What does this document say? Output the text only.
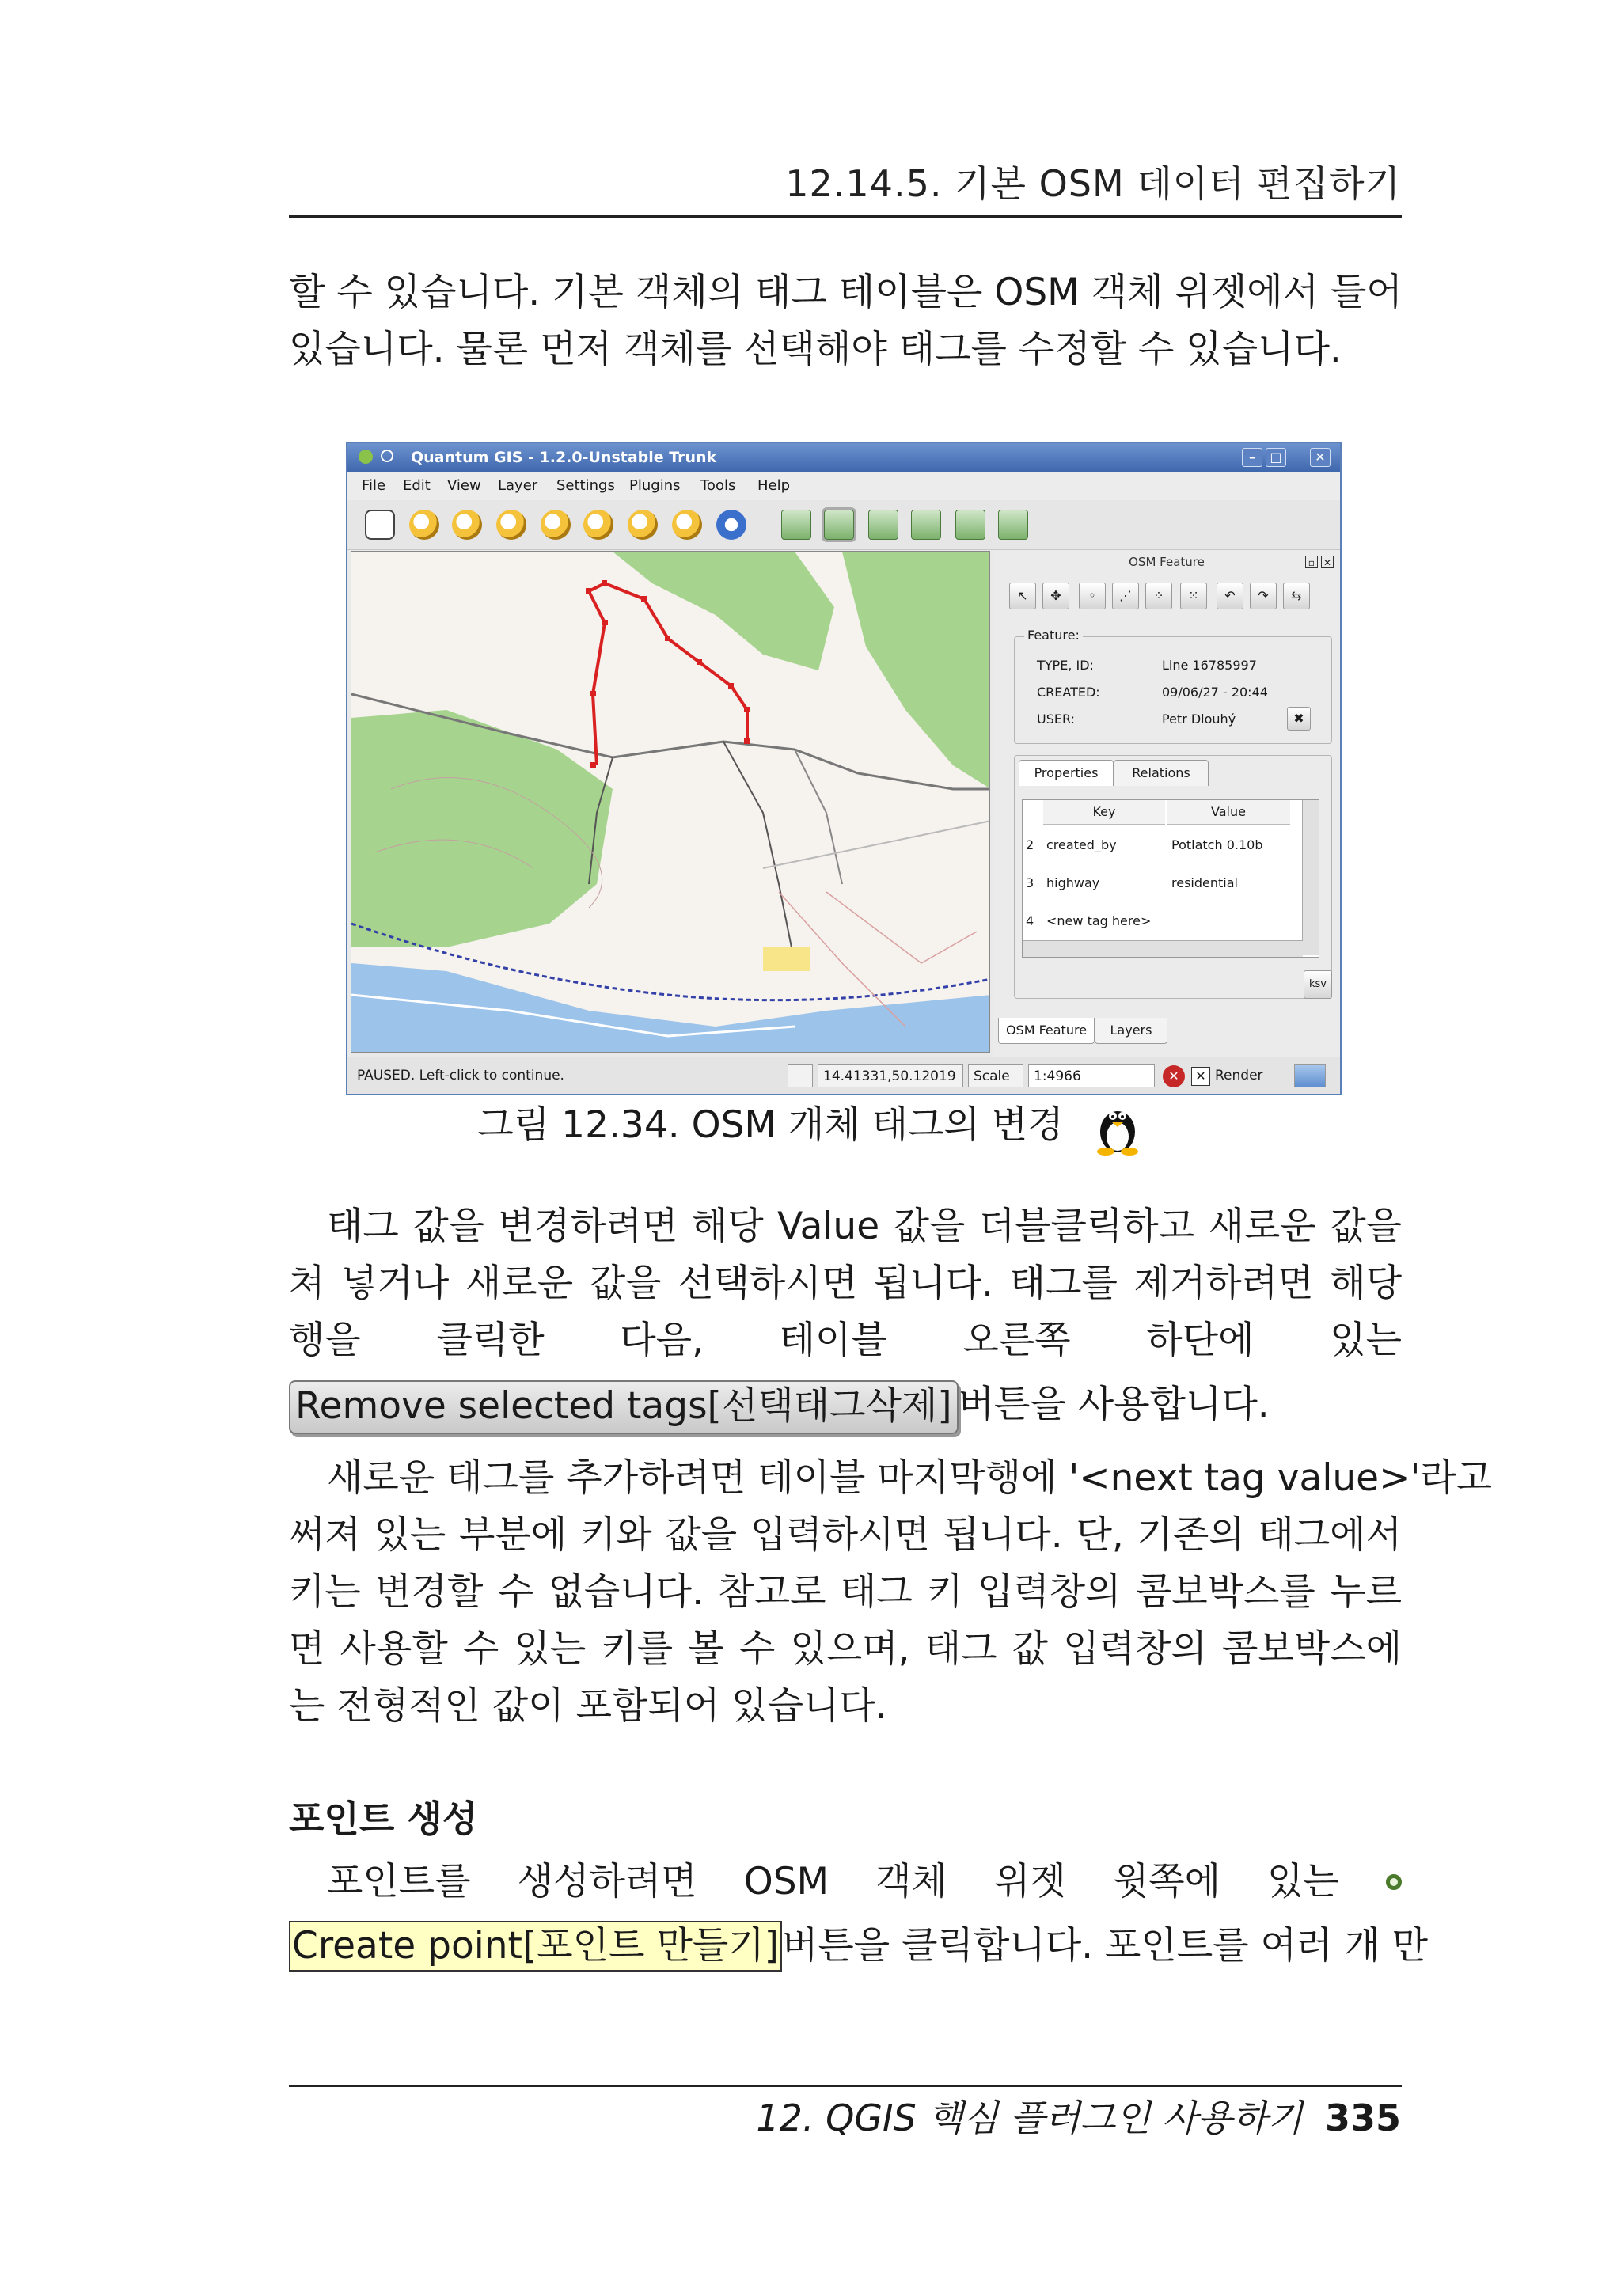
12.14.5. 기본 OSM 데이터 편집하기
할 수 있습니다. 기본 객체의 태그 테이블은 OSM 객체 위젯에서 들어
있습니다. 물론 먼저 객체를 선택해야 태그를 수정할 수 있습니다.
Quantum GIS - 1.2.0-Unstable Trunk	–	□	✕
File Edit View Layer Settings Plugins Tools Help
OSM Feature	▫ ✕
↖	✥	◦	⋰	⁘	⁙	↶	↷	⇆
Feature:
TYPE, ID:	Line 16785997
CREATED:	09/06/27 - 20:44
USER:	Petr Dlouhý	✖
Properties	Relations
Key	Value
2 created_by	Potlatch 0.10b
3 highway	residential
4 <new tag here>
ksv
OSM Feature	Layers
PAUSED. Left-click to continue.	14.41331,50.12019	Scale	1:4966	✕	✕ Render
그림 12.34. OSM 개체 태그의 변경
태그 값을 변경하려면 해당 Value 값을 더블클릭하고 새로운 값을
쳐 넣거나 새로운 값을 선택하시면 됩니다. 태그를 제거하려면 해당
행을 클릭한 다음, 테이블 오른쪽 하단에 있는
Remove selected tags[선택태그삭제] 버튼을 사용합니다.
새로운 태그를 추가하려면 테이블 마지막행에 '<next tag value>'라고
써져 있는 부분에 키와 값을 입력하시면 됩니다. 단, 기존의 태그에서
키는 변경할 수 없습니다. 참고로 태그 키 입력창의 콤보박스를 누르
면 사용할 수 있는 키를 볼 수 있으며, 태그 값 입력창의 콤보박스에
는 전형적인 값이 포함되어 있습니다.
포인트 생성
포인트를 생성하려면 OSM 객체 위젯 윗쪽에 있는
Create point[포인트 만들기] 버튼을 클릭합니다. 포인트를 여러 개 만
12. QGIS 핵심 플러그인 사용하기 335
